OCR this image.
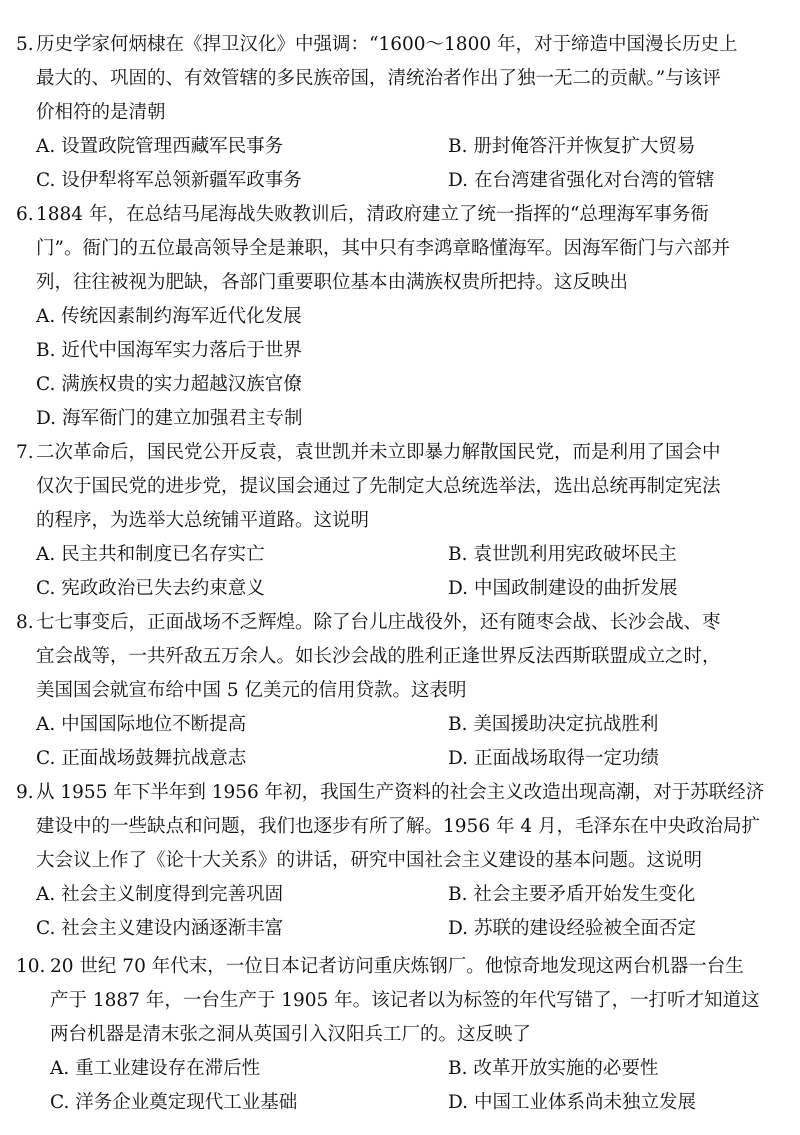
5. 历史学家何炳棣在《捍卫汉化》中强调：“1600～1800 年，对于缔造中国漫长历史上
最大的、巩固的、有效管辖的多民族帝国，清统治者作出了独一无二的贡献。”与该评
价相符的是清朝
A. 设置政院管理西藏军民事务	B. 册封俺答汗并恢复扩大贸易
C. 设伊犁将军总领新疆军政事务	D. 在台湾建省强化对台湾的管辖
6. 1884 年，在总结马尾海战失败教训后，清政府建立了统一指挥的“总理海军事务衙
门”。衙门的五位最高领导全是兼职，其中只有李鸿章略懂海军。因海军衙门与六部并
列，往往被视为肥缺，各部门重要职位基本由满族权贵所把持。这反映出
A. 传统因素制约海军近代化发展
B. 近代中国海军实力落后于世界
C. 满族权贵的实力超越汉族官僚
D. 海军衙门的建立加强君主专制
7. 二次革命后，国民党公开反袁，袁世凯并未立即暴力解散国民党，而是利用了国会中
仅次于国民党的进步党，提议国会通过了先制定大总统选举法，选出总统再制定宪法
的程序，为选举大总统铺平道路。这说明
A. 民主共和制度已名存实亡	B. 袁世凯利用宪政破坏民主
C. 宪政政治已失去约束意义	D. 中国政制建设的曲折发展
8. 七七事变后，正面战场不乏辉煌。除了台儿庄战役外，还有随枣会战、长沙会战、枣
宜会战等，一共歼敌五万余人。如长沙会战的胜利正逢世界反法西斯联盟成立之时，
美国国会就宣布给中国 5 亿美元的信用贷款。这表明
A. 中国国际地位不断提高	B. 美国援助决定抗战胜利
C. 正面战场鼓舞抗战意志	D. 正面战场取得一定功绩
9. 从 1955 年下半年到 1956 年初，我国生产资料的社会主义改造出现高潮，对于苏联经济
建设中的一些缺点和问题，我们也逐步有所了解。1956 年 4 月，毛泽东在中央政治局扩
大会议上作了《论十大关系》的讲话，研究中国社会主义建设的基本问题。这说明
A. 社会主义制度得到完善巩固	B. 社会主要矛盾开始发生变化
C. 社会主义建设内涵逐渐丰富	D. 苏联的建设经验被全面否定
10. 20 世纪 70 年代末，一位日本记者访问重庆炼钢厂。他惊奇地发现这两台机器一台生
产于 1887 年，一台生产于 1905 年。该记者以为标签的年代写错了，一打听才知道这
两台机器是清末张之洞从英国引入汉阳兵工厂的。这反映了
A. 重工业建设存在滞后性	B. 改革开放实施的必要性
C. 洋务企业奠定现代工业基础	D. 中国工业体系尚未独立发展
